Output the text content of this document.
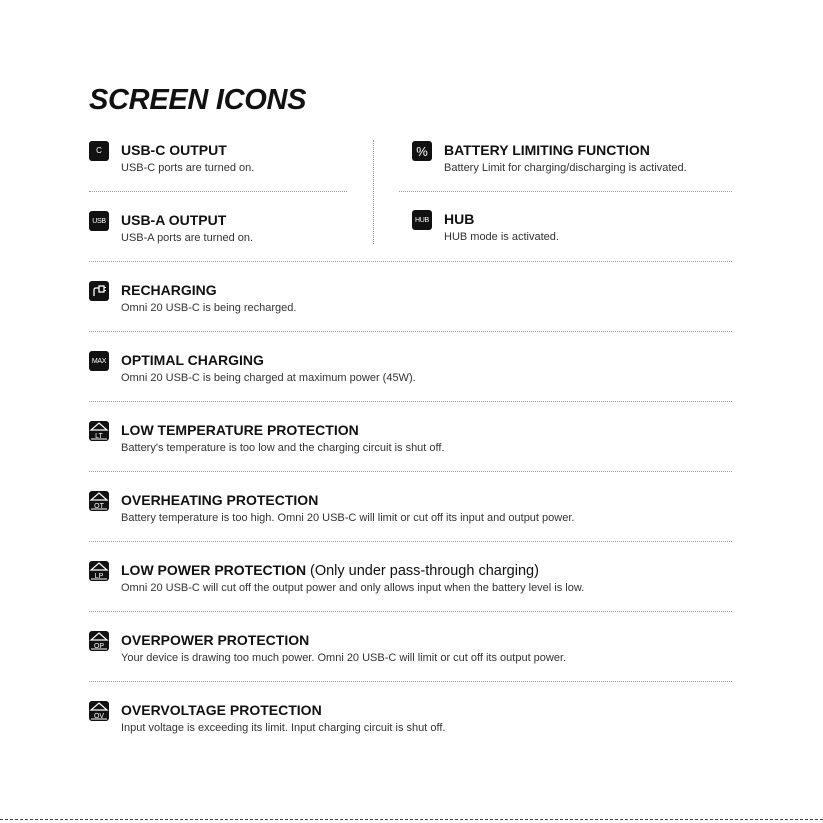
SCREEN ICONS
C USB-C OUTPUT
USB-C ports are turned on.
% BATTERY LIMITING FUNCTION
Battery Limit for charging/discharging is activated.
USB USB-A OUTPUT
USB-A ports are turned on.
HUB HUB
HUB mode is activated.
RECHARGING
Omni 20 USB-C is being recharged.
MAX OPTIMAL CHARGING
Omni 20 USB-C is being charged at maximum power (45W).
LT LOW TEMPERATURE PROTECTION
Battery's temperature is too low and the charging circuit is shut off.
OT OVERHEATING PROTECTION
Battery temperature is too high. Omni 20 USB-C will limit or cut off its input and output power.
LP LOW POWER PROTECTION (Only under pass-through charging)
Omni 20 USB-C will cut off the output power and only allows input when the battery level is low.
OP OVERPOWER PROTECTION
Your device is drawing too much power. Omni 20 USB-C will limit or cut off its output power.
OV OVERVOLTAGE PROTECTION
Input voltage is exceeding its limit. Input charging circuit is shut off.
